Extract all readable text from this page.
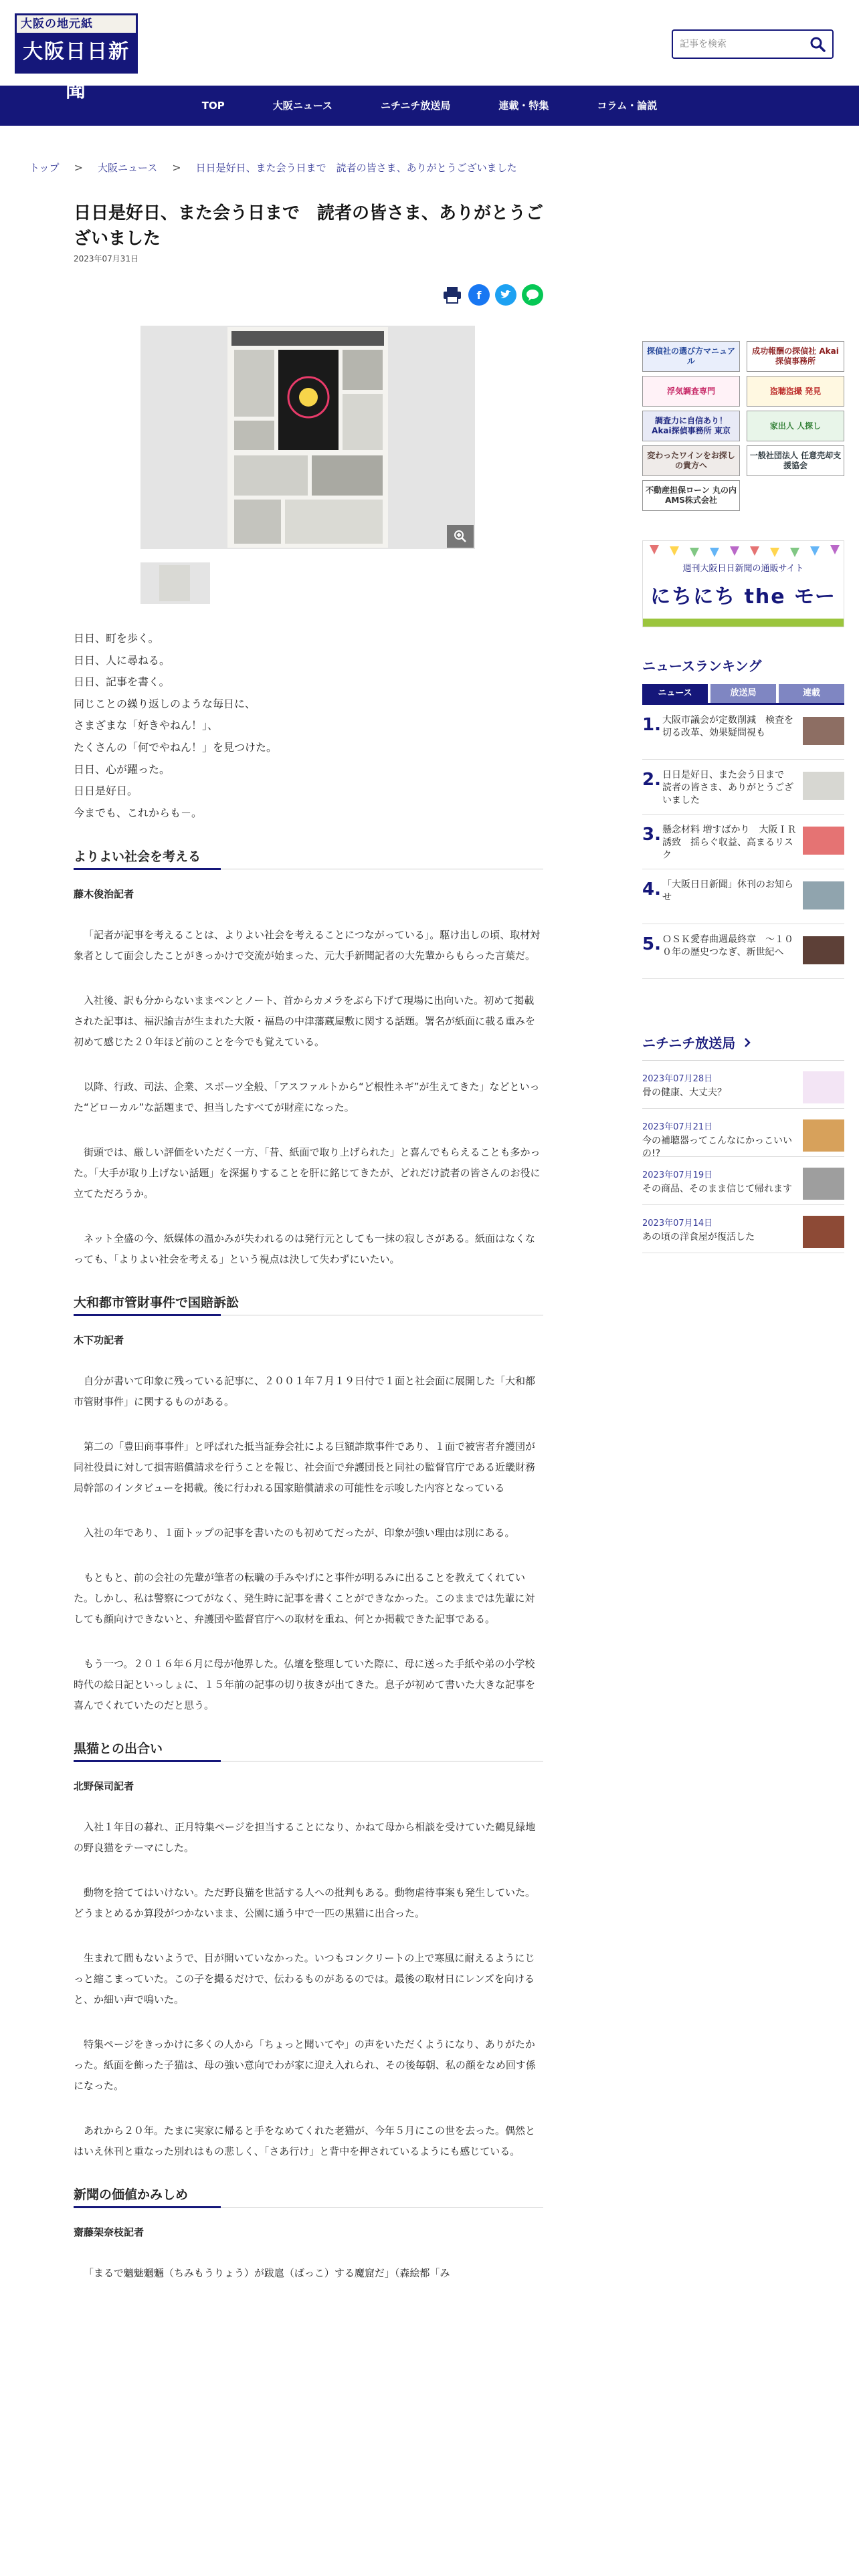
大阪の地元紙
大阪日日新聞
記事を検索
TOP	大阪ニュース	ニチニチ放送局	連載・特集	コラム・論説
トップ > 大阪ニュース > 日日是好日、また会う日まで　読者の皆さま、ありがとうございました
日日是好日、また会う日まで　読者の皆さま、ありがとうございました
2023年07月31日
f
日日、町を歩く。
日日、人に尋ねる。
日日、記事を書く。
同じことの繰り返しのような毎日に、
さまざまな「好きやねん！」、
たくさんの「何でやねん！」を見つけた。
日日、心が躍った。
日日是好日。
今までも、これからも－。
よりよい社会を考える
藤木俊治記者

「記者が記事を考えることは、よりよい社会を考えることにつながっている」。駆け出しの頃、取材対象者として面会したことがきっかけで交流が始まった、元大手新聞記者の大先輩からもらった言葉だ。

入社後、訳も分からないままペンとノート、首からカメラをぶら下げて現場に出向いた。初めて掲載された記事は、福沢諭吉が生まれた大阪・福島の中津藩蔵屋敷に関する話題。署名が紙面に載る重みを初めて感じた２０年ほど前のことを今でも覚えている。

以降、行政、司法、企業、スポーツ全般、「アスファルトから“ど根性ネギ”が生えてきた」などといった“どローカル”な話題まで、担当したすべてが財産になった。

街頭では、厳しい評価をいただく一方、「昔、紙面で取り上げられた」と喜んでもらえることも多かった。「大手が取り上げない話題」を深掘りすることを肝に銘じてきたが、どれだけ読者の皆さんのお役に立てただろうか。

ネット全盛の今、紙媒体の温かみが失われるのは発行元としても一抹の寂しさがある。紙面はなくなっても、「よりよい社会を考える」という視点は決して失わずにいたい。

大和都市管財事件で国賠訴訟
木下功記者

自分が書いて印象に残っている記事に、２００１年７月１９日付で１面と社会面に展開した「大和都市管財事件」に関するものがある。

第二の「豊田商事事件」と呼ばれた抵当証券会社による巨額詐欺事件であり、１面で被害者弁護団が同社役員に対して損害賠償請求を行うことを報じ、社会面で弁護団長と同社の監督官庁である近畿財務局幹部のインタビューを掲載。後に行われる国家賠償請求の可能性を示唆した内容となっている

入社の年であり、１面トップの記事を書いたのも初めてだったが、印象が強い理由は別にある。

もともと、前の会社の先輩が筆者の転職の手みやげにと事件が明るみに出ることを教えてくれていた。しかし、私は警察につてがなく、発生時に記事を書くことができなかった。このままでは先輩に対しても顔向けできないと、弁護団や監督官庁への取材を重ね、何とか掲載できた記事である。

もう一つ。２０１６年６月に母が他界した。仏壇を整理していた際に、母に送った手紙や弟の小学校時代の絵日記といっしょに、１５年前の記事の切り抜きが出てきた。息子が初めて書いた大きな記事を喜んでくれていたのだと思う。

黒猫との出合い
北野保司記者

入社１年目の暮れ、正月特集ページを担当することになり、かねて母から相談を受けていた鶴見緑地の野良猫をテーマにした。

動物を捨ててはいけない。ただ野良猫を世話する人への批判もある。動物虐待事案も発生していた。どうまとめるか算段がつかないまま、公園に通う中で一匹の黒猫に出合った。

生まれて間もないようで、目が開いていなかった。いつもコンクリートの上で寒風に耐えるようにじっと縮こまっていた。この子を撮るだけで、伝わるものがあるのでは。最後の取材日にレンズを向けると、か細い声で鳴いた。

特集ページをきっかけに多くの人から「ちょっと聞いてや」の声をいただくようになり、ありがたかった。紙面を飾った子猫は、母の強い意向でわが家に迎え入れられ、その後毎朝、私の顔をなめ回す係になった。

あれから２０年。たまに実家に帰ると手をなめてくれた老猫が、今年５月にこの世を去った。偶然とはいえ休刊と重なった別れはもの悲しく、「さあ行け」と背中を押されているようにも感じている。

新聞の価値かみしめ
齋藤架奈枝記者

「まるで魑魅魍魎（ちみもうりょう）が跋扈（ばっこ）する魔窟だ」（森絵都「み

探偵社の選び方マニュアル
成功報酬の探偵社 Akai探偵事務所
浮気調査専門	盗聴盗撮 発見
調査力に自信あり！ Akai探偵事務所 東京
家出人 人探し
変わったワインをお探しの貴方へ
一般社団法人 任意売却支援協会
不動産担保ローン 丸の内AMS株式会社
週刊大阪日日新聞の通販サイト
にちにち the モー
ニュースランキング
ニュース	放送局	連載
1. 大阪市議会が定数削減　検査を切る改革、効果疑問視も
2. 日日是好日、また会う日まで　読者の皆さま、ありがとうございました
3. 懸念材料 増すばかり　大阪ＩＲ誘致　揺らぐ収益、高まるリスク
4. 「大阪日日新聞」休刊のお知らせ
5. ＯＳＫ愛春曲週最終章　～１００年の歴史つなぎ、新世紀へ
ニチニチ放送局
2023年07月28日
骨の健康、大丈夫？
2023年07月21日
今の補聴器ってこんなにかっこいいの!?
2023年07月19日
その商品、そのまま信じて帰れます
2023年07月14日
あの頃の洋食屋が復活した
